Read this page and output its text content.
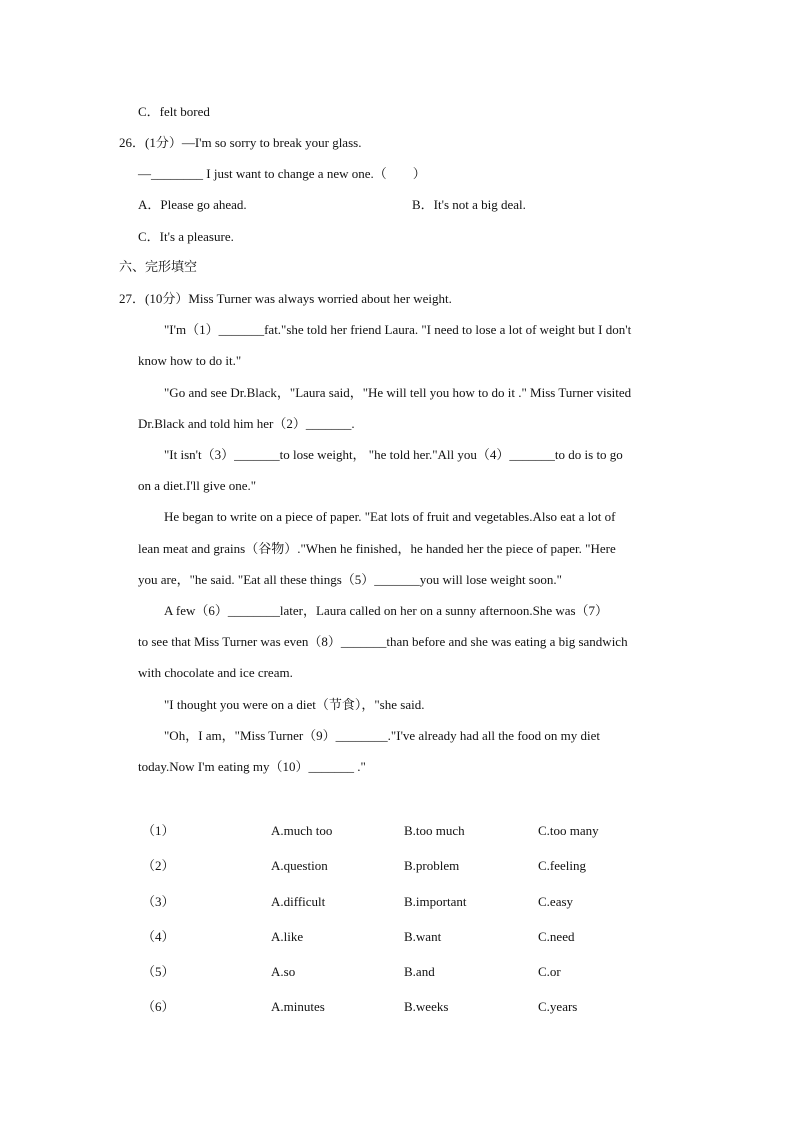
C．felt bored
26．(1分）—I'm so sorry to break your glass.
—________ I just want to change a new one.（　　）
A．Please go ahead.	B．It's not a big deal.
C．It's a pleasure.
六、完形填空
27．(10分）Miss Turner was always worried about her weight.
"I'm（1）_______fat."she told her friend Laura. "I need to lose a lot of weight but I don't
know how to do it."
"Go and see Dr.Black，"Laura said，"He will tell you how to do it ." Miss Turner visited
Dr.Black and told him her（2）_______.
"It isn't（3）_______to lose weight， "he told her."All you（4）_______to do is to go
on a diet.I'll give one."
He began to write on a piece of paper. "Eat lots of fruit and vegetables.Also eat a lot of
lean meat and grains（谷物）."When he finished，he handed her the piece of paper. "Here
you are，"he said. "Eat all these things（5）_______you will lose weight soon."
A few（6）________later，Laura called on her on a sunny afternoon.She was（7）
to see that Miss Turner was even（8）_______than before and she was eating a big sandwich
with chocolate and ice cream.
"I thought you were on a diet（节食），"she said.
"Oh，I am，"Miss Turner（9）________."I've already had all the food on my diet
today.Now I'm eating my（10）_______ ."
（1）	A.much too	B.too much	C.too many
（2）	A.question	B.problem	C.feeling
（3）	A.difficult	B.important	C.easy
（4）	A.like	B.want	C.need
（5）	A.so	B.and	C.or
（6）	A.minutes	B.weeks	C.years
